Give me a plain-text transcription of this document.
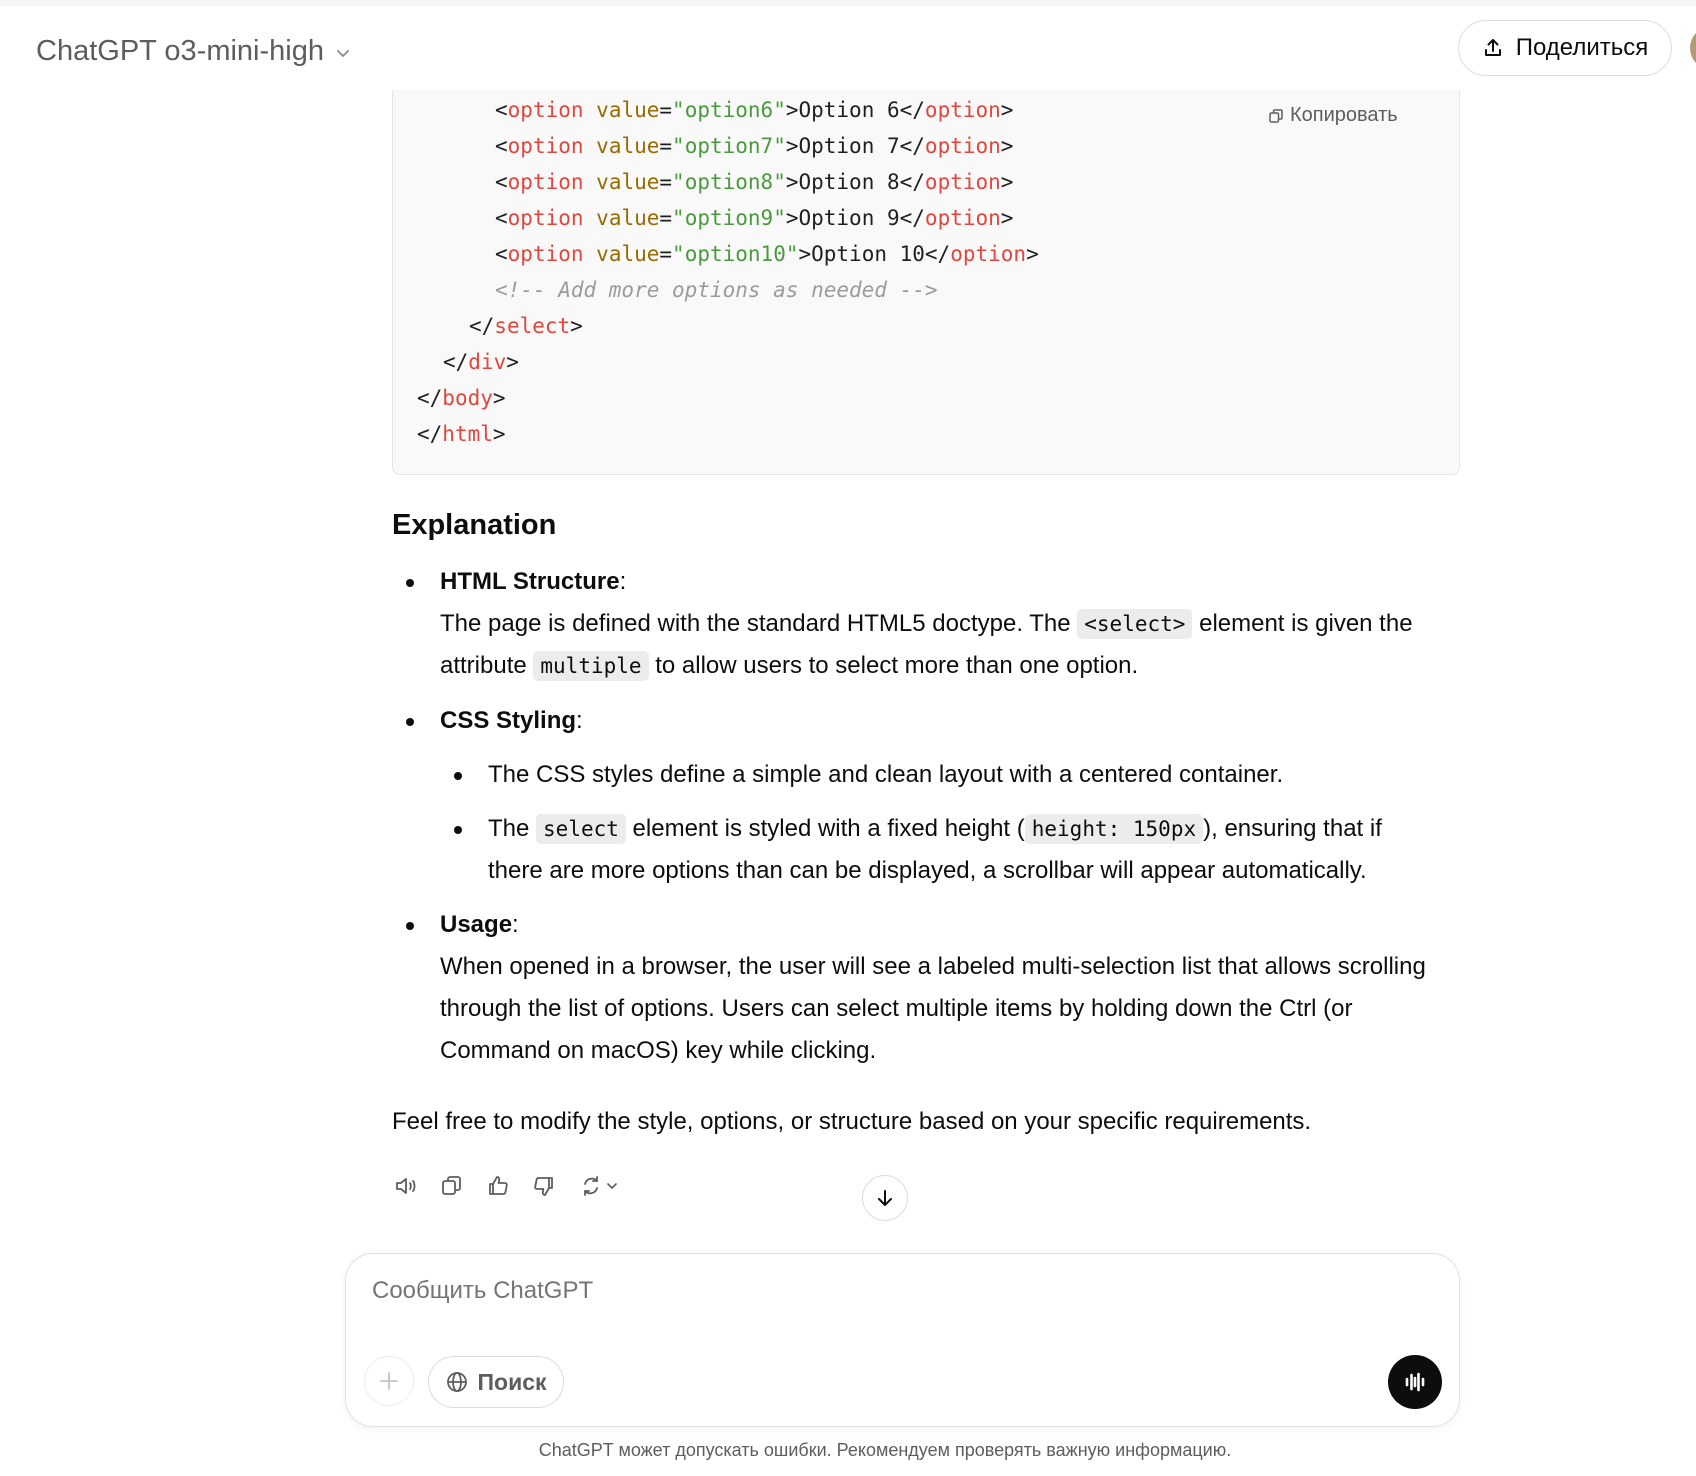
ChatGPT o3-mini-high	Поделиться
Копировать
<option value="option6">Option 6</option>
<option value="option7">Option 7</option>
<option value="option8">Option 8</option>
<option value="option9">Option 9</option>
<option value="option10">Option 10</option>
<!-- Add more options as needed -->
</select>
</div>
</body>
</html>
Explanation
HTML Structure:
The page is defined with the standard HTML5 doctype. The <select> element is given the
attribute multiple to allow users to select more than one option.
CSS Styling:
The CSS styles define a simple and clean layout with a centered container.
The select element is styled with a fixed height ( height: 150px ), ensuring that if
there are more options than can be displayed, a scrollbar will appear automatically.
Usage:
When opened in a browser, the user will see a labeled multi-selection list that allows scrolling
through the list of options. Users can select multiple items by holding down the Ctrl (or
Command on macOS) key while clicking.
Feel free to modify the style, options, or structure based on your specific requirements.
Сообщить ChatGPT
Поиск
ChatGPT может допускать ошибки. Рекомендуем проверять важную информацию.
